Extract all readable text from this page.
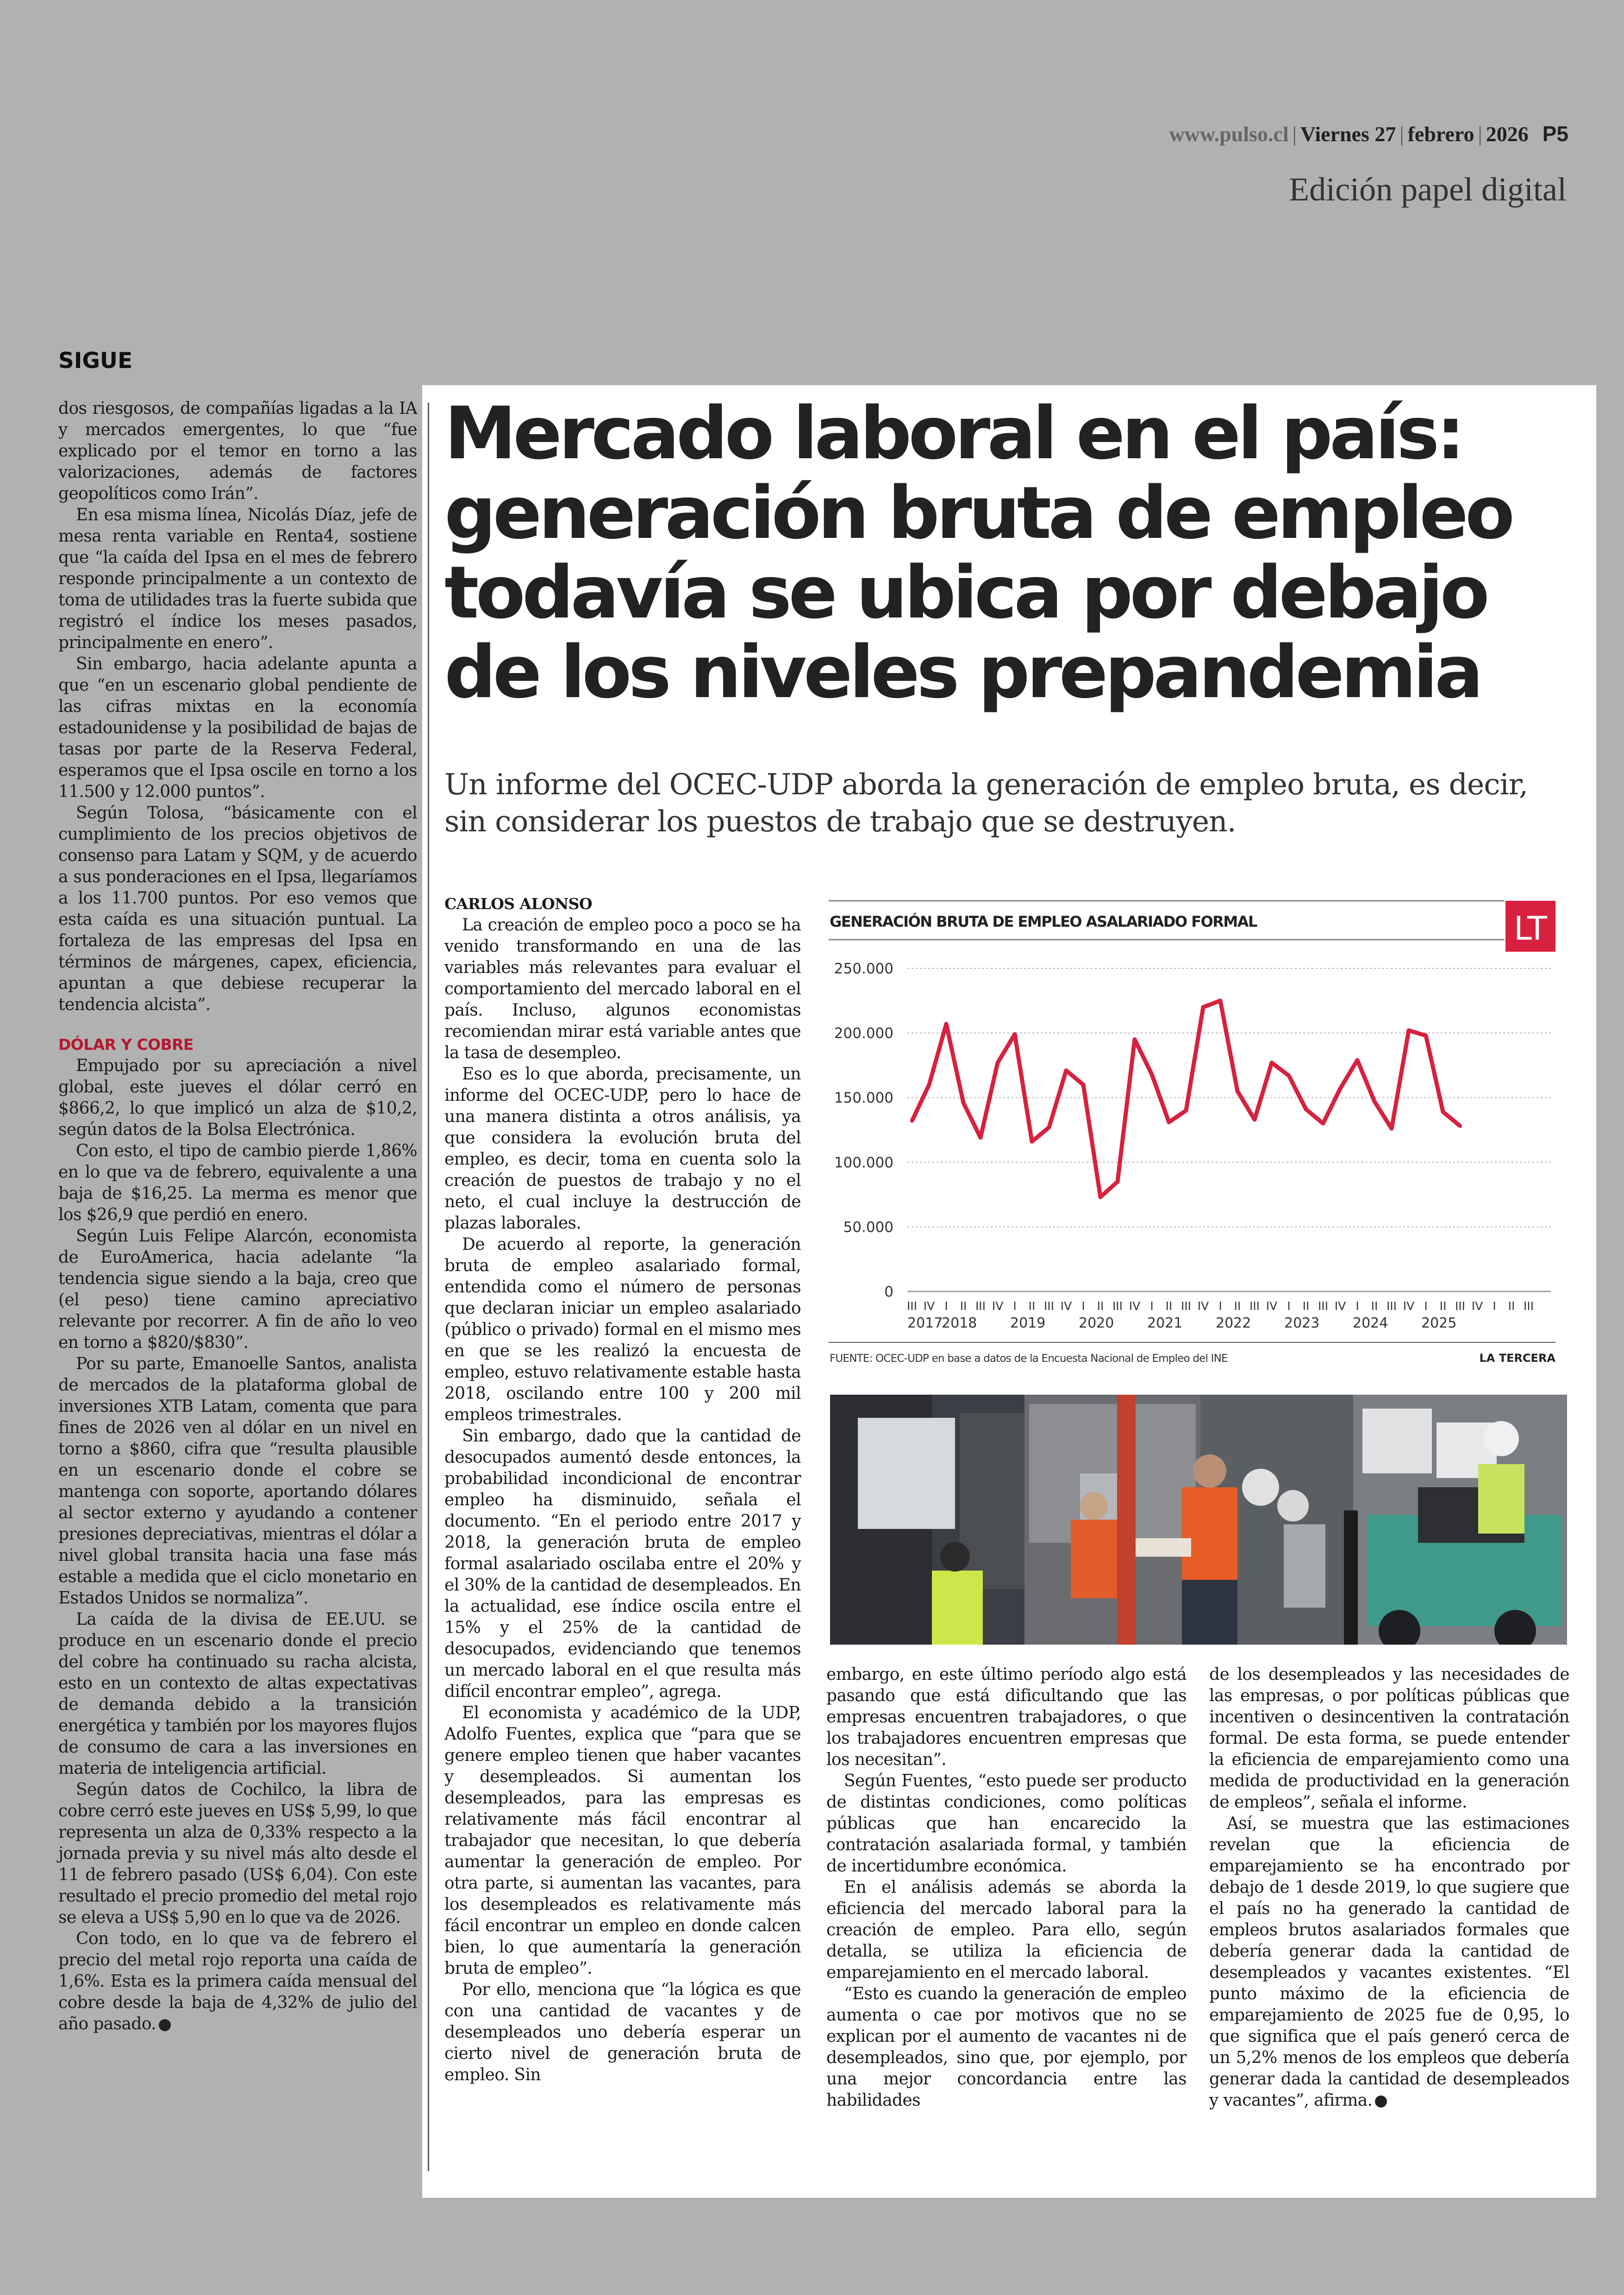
www.pulso.cl | Viernes 27 | febrero | 2026 P5
Edición papel digital
SIGUE

dos riesgosos, de compañías ligadas a la IA y mercados emergentes, lo que “fue explicado por el temor en torno a las valorizaciones, además de factores geopolíticos como Irán”.

En esa misma línea, Nicolás Díaz, jefe de mesa renta variable en Renta4, sostiene que “la caída del Ipsa en el mes de febrero responde principalmente a un contexto de toma de utilidades tras la fuerte subida que registró el índice los meses pasados, principalmente en enero”.

Sin embargo, hacia adelante apunta a que “en un escenario global pendiente de las cifras mixtas en la economía estadounidense y la posibilidad de bajas de tasas por parte de la Reserva Federal, esperamos que el Ipsa oscile en torno a los 11.500 y 12.000 puntos”.

Según Tolosa, “básicamente con el cumplimiento de los precios objetivos de consenso para Latam y SQM, y de acuerdo a sus ponderaciones en el Ipsa, llegaríamos a los 11.700 puntos. Por eso vemos que esta caída es una situación puntual. La fortaleza de las empresas del Ipsa en términos de márgenes, capex, eficiencia, apuntan a que debiese recuperar la tendencia alcista”.

DÓLAR Y COBRE

Empujado por su apreciación a nivel global, este jueves el dólar cerró en $866,2, lo que implicó un alza de $10,2, según datos de la Bolsa Electrónica.

Con esto, el tipo de cambio pierde 1,86% en lo que va de febrero, equivalente a una baja de $16,25. La merma es menor que los $26,9 que perdió en enero.

Según Luis Felipe Alarcón, economista de EuroAmerica, hacia adelante “la tendencia sigue siendo a la baja, creo que (el peso) tiene camino apreciativo relevante por recorrer. A fin de año lo veo en torno a $820/$830”.

Por su parte, Emanoelle Santos, analista de mercados de la plataforma global de inversiones XTB Latam, comenta que para fines de 2026 ven al dólar en un nivel en torno a $860, cifra que “resulta plausible en un escenario donde el cobre se mantenga con soporte, aportando dólares al sector externo y ayudando a contener presiones depreciativas, mientras el dólar a nivel global transita hacia una fase más estable a medida que el ciclo monetario en Estados Unidos se normaliza”.

La caída de la divisa de EE.UU. se produce en un escenario donde el precio del cobre ha continuado su racha alcista, esto en un contexto de altas expectativas de demanda debido a la transición energética y también por los mayores flujos de consumo de cara a las inversiones en materia de inteligencia artificial.

Según datos de Cochilco, la libra de cobre cerró este jueves en US$ 5,99, lo que representa un alza de 0,33% respecto a la jornada previa y su nivel más alto desde el 11 de febrero pasado (US$ 6,04). Con este resultado el precio promedio del metal rojo se eleva a US$ 5,90 en lo que va de 2026.

Con todo, en lo que va de febrero el precio del metal rojo reporta una caída de 1,6%. Esta es la primera caída mensual del cobre desde la baja de 4,32% de julio del año pasado.

Mercado laboral en el país: generación bruta de empleo todavía se ubica por debajo de los niveles prepandemia

Un informe del OCEC-UDP aborda la generación de empleo bruta, es decir, sin considerar los puestos de trabajo que se destruyen.

CARLOS ALONSO

La creación de empleo poco a poco se ha venido transformando en una de las variables más relevantes para evaluar el comportamiento del mercado laboral en el país. Incluso, algunos economistas recomiendan mirar está variable antes que la tasa de desempleo.

Eso es lo que aborda, precisamente, un informe del OCEC-UDP, pero lo hace de una manera distinta a otros análisis, ya que considera la evolución bruta del empleo, es decir, toma en cuenta solo la creación de puestos de trabajo y no el neto, el cual incluye la destrucción de plazas laborales.

De acuerdo al reporte, la generación bruta de empleo asalariado formal, entendida como el número de personas que declaran iniciar un empleo asalariado (público o privado) formal en el mismo mes en que se les realizó la encuesta de empleo, estuvo relativamente estable hasta 2018, oscilando entre 100 y 200 mil empleos trimestrales.

Sin embargo, dado que la cantidad de desocupados aumentó desde entonces, la probabilidad incondicional de encontrar empleo ha disminuido, señala el documento. “En el periodo entre 2017 y 2018, la generación bruta de empleo formal asalariado oscilaba entre el 20% y el 30% de la cantidad de desempleados. En la actualidad, ese índice oscila entre el 15% y el 25% de la cantidad de desocupados, evidenciando que tenemos un mercado laboral en el que resulta más difícil encontrar empleo”, agrega.

El economista y académico de la UDP, Adolfo Fuentes, explica que “para que se genere empleo tienen que haber vacantes y desempleados. Si aumentan los desempleados, para las empresas es relativamente más fácil encontrar al trabajador que necesitan, lo que debería aumentar la generación de empleo. Por otra parte, si aumentan las vacantes, para los desempleados es relativamente más fácil encontrar un empleo en donde calcen bien, lo que aumentaría la generación bruta de empleo”.

Por ello, menciona que “la lógica es que con una cantidad de vacantes y de desempleados uno debería esperar un cierto nivel de generación bruta de empleo. Sin

GENERACIÓN BRUTA DE EMPLEO ASALARIADO FORMAL	LT
250.000
200.000
150.000
100.000
50.000
0
III IV I II III IV I II III IV I II III IV I II III IV I II III IV I II III IV I II III IV I II III IV I II III
2017
2018 2019 2020 2021 2022 2023 2024 2025
FUENTE: OCEC-UDP en base a datos de la Encuesta Nacional de Empleo del INE	LA TERCERA

embargo, en este último período algo está pasando que está dificultando que las empresas encuentren trabajadores, o que los trabajadores encuentren empresas que los necesitan”.

Según Fuentes, “esto puede ser producto de distintas condiciones, como políticas públicas que han encarecido la contratación asalariada formal, y también de incertidumbre económica.

En el análisis además se aborda la eficiencia del mercado laboral para la creación de empleo. Para ello, según detalla, se utiliza la eficiencia de emparejamiento en el mercado laboral.

“Esto es cuando la generación de empleo aumenta o cae por motivos que no se explican por el aumento de vacantes ni de desempleados, sino que, por ejemplo, por una mejor concordancia entre las habilidades

de los desempleados y las necesidades de las empresas, o por políticas públicas que incentiven o desincentiven la contratación formal. De esta forma, se puede entender la eficiencia de emparejamiento como una medida de productividad en la generación de empleos”, señala el informe.

Así, se muestra que las estimaciones revelan que la eficiencia de emparejamiento se ha encontrado por debajo de 1 desde 2019, lo que sugiere que el país no ha generado la cantidad de empleos brutos asalariados formales que debería generar dada la cantidad de desempleados y vacantes existentes. “El punto máximo de la eficiencia de emparejamiento de 2025 fue de 0,95, lo que significa que el país generó cerca de un 5,2% menos de los empleos que debería generar dada la cantidad de desempleados y vacantes”, afirma.
